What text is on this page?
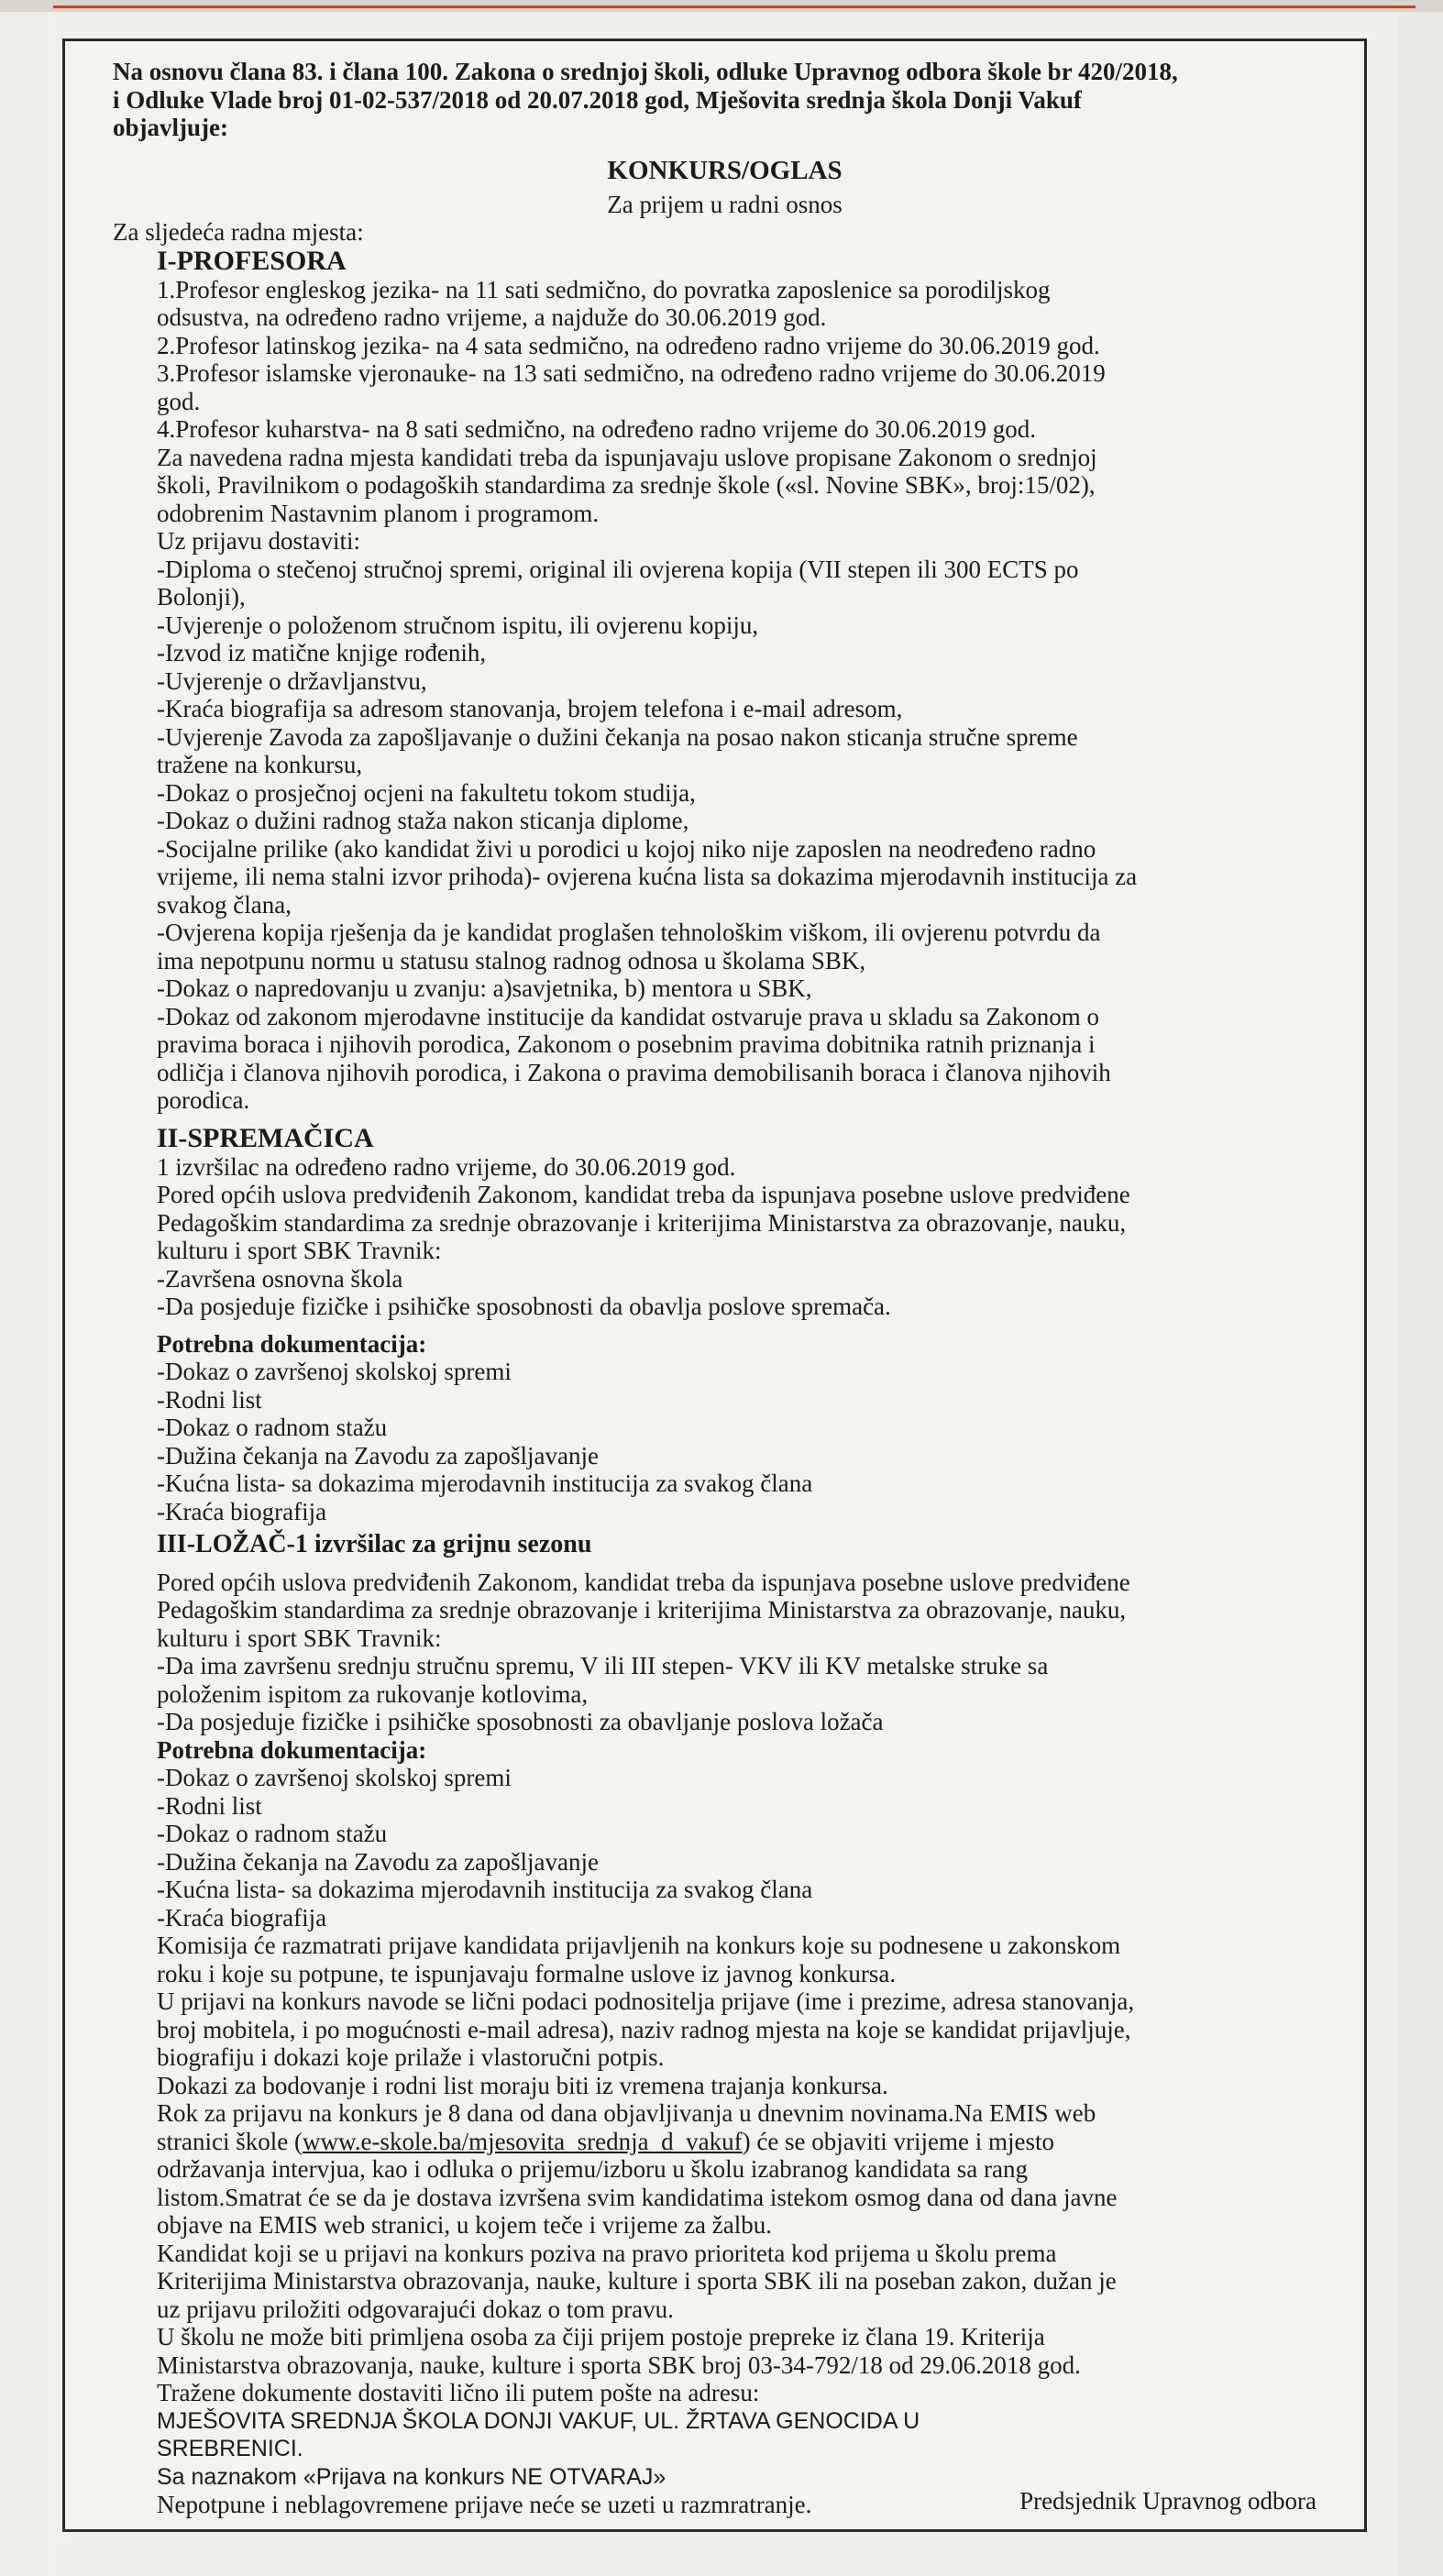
Na osnovu člana 83. i člana 100. Zakona o srednjoj školi, odluke Upravnog odbora škole br 420/2018,
i Odluke Vlade broj 01-02-537/2018 od 20.07.2018 god, Mješovita srednja škola Donji Vakuf
objavljuje:
KONKURS/OGLAS
Za prijem u radni osnos
Za sljedeća radna mjesta:
I-PROFESORA
1.Profesor engleskog jezika- na 11 sati sedmično, do povratka zaposlenice sa porodiljskog
odsustva, na određeno radno vrijeme, a najduže do 30.06.2019 god.
2.Profesor latinskog jezika- na 4 sata sedmično, na određeno radno vrijeme do 30.06.2019 god.
3.Profesor islamske vjeronauke- na 13 sati sedmično, na određeno radno vrijeme do 30.06.2019
god.
4.Profesor kuharstva- na 8 sati sedmično, na određeno radno vrijeme do 30.06.2019 god.
Za navedena radna mjesta kandidati treba da ispunjavaju uslove propisane Zakonom o srednjoj
školi, Pravilnikom o podagoških standardima za srednje škole («sl. Novine SBK», broj:15/02),
odobrenim Nastavnim planom i programom.
Uz prijavu dostaviti:
-Diploma o stečenoj stručnoj spremi, original ili ovjerena kopija (VII stepen ili 300 ECTS po
Bolonji),
-Uvjerenje o položenom stručnom ispitu, ili ovjerenu kopiju,
-Izvod iz matične knjige rođenih,
-Uvjerenje o državljanstvu,
-Kraća biografija sa adresom stanovanja, brojem telefona i e-mail adresom,
-Uvjerenje Zavoda za zapošljavanje o dužini čekanja na posao nakon sticanja stručne spreme
tražene na konkursu,
-Dokaz o prosječnoj ocjeni na fakultetu tokom studija,
-Dokaz o dužini radnog staža nakon sticanja diplome,
-Socijalne prilike (ako kandidat živi u porodici u kojoj niko nije zaposlen na neodređeno radno
vrijeme, ili nema stalni izvor prihoda)- ovjerena kućna lista sa dokazima mjerodavnih institucija za
svakog člana,
-Ovjerena kopija rješenja da je kandidat proglašen tehnološkim viškom, ili ovjerenu potvrdu da
ima nepotpunu normu u statusu stalnog radnog odnosa u školama SBK,
-Dokaz o napredovanju u zvanju: a)savjetnika, b) mentora u SBK,
-Dokaz od zakonom mjerodavne institucije da kandidat ostvaruje prava u skladu sa Zakonom o
pravima boraca i njihovih porodica, Zakonom o posebnim pravima dobitnika ratnih priznanja i
odličja i članova njihovih porodica, i Zakona o pravima demobilisanih boraca i članova njihovih
porodica.
II-SPREMAČICA
1 izvršilac na određeno radno vrijeme, do 30.06.2019 god.
Pored općih uslova predviđenih Zakonom, kandidat treba da ispunjava posebne uslove predviđene
Pedagoškim standardima za srednje obrazovanje i kriterijima Ministarstva za obrazovanje, nauku,
kulturu i sport SBK Travnik:
-Završena osnovna škola
-Da posjeduje fizičke i psihičke sposobnosti da obavlja poslove spremača.
Potrebna dokumentacija:
-Dokaz o završenoj skolskoj spremi
-Rodni list
-Dokaz o radnom stažu
-Dužina čekanja na Zavodu za zapošljavanje
-Kućna lista- sa dokazima mjerodavnih institucija za svakog člana
-Kraća biografija
III-LOŽAČ-1 izvršilac za grijnu sezonu
Pored općih uslova predviđenih Zakonom, kandidat treba da ispunjava posebne uslove predviđene
Pedagoškim standardima za srednje obrazovanje i kriterijima Ministarstva za obrazovanje, nauku,
kulturu i sport SBK Travnik:
-Da ima završenu srednju stručnu spremu, V ili III stepen- VKV ili KV metalske struke sa
položenim ispitom za rukovanje kotlovima,
-Da posjeduje fizičke i psihičke sposobnosti za obavljanje poslova ložača
Potrebna dokumentacija:
-Dokaz o završenoj skolskoj spremi
-Rodni list
-Dokaz o radnom stažu
-Dužina čekanja na Zavodu za zapošljavanje
-Kućna lista- sa dokazima mjerodavnih institucija za svakog člana
-Kraća biografija
Komisija će razmatrati prijave kandidata prijavljenih na konkurs koje su podnesene u zakonskom
roku i koje su potpune, te ispunjavaju formalne uslove iz javnog konkursa.
U prijavi na konkurs navode se lični podaci podnositelja prijave (ime i prezime, adresa stanovanja,
broj mobitela, i po mogućnosti e-mail adresa), naziv radnog mjesta na koje se kandidat prijavljuje,
biografiju i dokazi koje prilaže i vlastoručni potpis.
Dokazi za bodovanje i rodni list moraju biti iz vremena trajanja konkursa.
Rok za prijavu na konkurs je 8 dana od dana objavljivanja u dnevnim novinama.Na EMIS web
stranici škole (www.e-skole.ba/mjesovita_srednja_d_vakuf) će se objaviti vrijeme i mjesto
održavanja intervjua, kao i odluka o prijemu/izboru u školu izabranog kandidata sa rang
listom.Smatrat će se da je dostava izvršena svim kandidatima istekom osmog dana od dana javne
objave na EMIS web stranici, u kojem teče i vrijeme za žalbu.
Kandidat koji se u prijavi na konkurs poziva na pravo prioriteta kod prijema u školu prema
Kriterijima Ministarstva obrazovanja, nauke, kulture i sporta SBK ili na poseban zakon, dužan je
uz prijavu priložiti odgovarajući dokaz o tom pravu.
U školu ne može biti primljena osoba za čiji prijem postoje prepreke iz člana 19. Kriterija
Ministarstva obrazovanja, nauke, kulture i sporta SBK broj 03-34-792/18 od 29.06.2018 god.
Tražene dokumente dostaviti lično ili putem pošte na adresu:
MJEŠOVITA SREDNJA ŠKOLA DONJI VAKUF, UL. ŽRTAVA GENOCIDA U
SREBRENICI.
Sa naznakom «Prijava na konkurs NE OTVARAJ»
Nepotpune i neblagovremene prijave neće se uzeti u razmratranje.	Predsjednik Upravnog odbora
